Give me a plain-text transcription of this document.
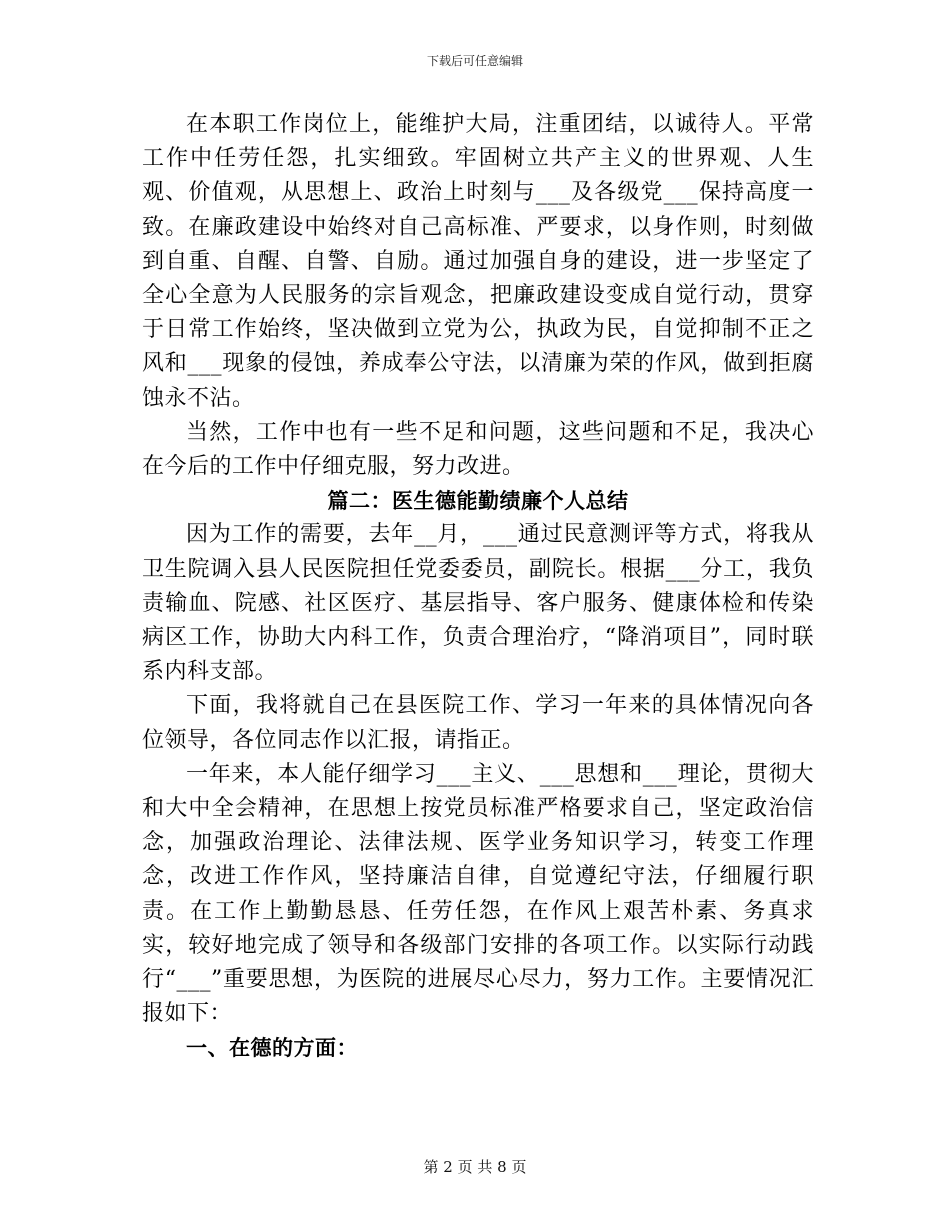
下载后可任意编辑

在本职工作岗位上，能维护大局，注重团结，以诚待人。平常工作中任劳任怨，扎实细致。牢固树立共产主义的世界观、人生观、价值观，从思想上、政治上时刻与___及各级党___保持高度一致。在廉政建设中始终对自己高标准、严要求，以身作则，时刻做到自重、自醒、自警、自励。通过加强自身的建设，进一步坚定了全心全意为人民服务的宗旨观念，把廉政建设变成自觉行动，贯穿于日常工作始终，坚决做到立党为公，执政为民，自觉抑制不正之风和___现象的侵蚀，养成奉公守法，以清廉为荣的作风，做到拒腐蚀永不沾。

当然，工作中也有一些不足和问题，这些问题和不足，我决心在今后的工作中仔细克服，努力改进。

篇二：医生德能勤绩廉个人总结

因为工作的需要，去年__月，___通过民意测评等方式，将我从卫生院调入县人民医院担任党委委员，副院长。根据___分工，我负责输血、院感、社区医疗、基层指导、客户服务、健康体检和传染病区工作，协助大内科工作，负责合理治疗，“降消项目”，同时联系内科支部。

下面，我将就自己在县医院工作、学习一年来的具体情况向各位领导，各位同志作以汇报，请指正。

一年来，本人能仔细学习___主义、___思想和___理论，贯彻大和大中全会精神，在思想上按党员标准严格要求自己，坚定政治信念，加强政治理论、法律法规、医学业务知识学习，转变工作理念，改进工作作风，坚持廉洁自律，自觉遵纪守法，仔细履行职责。在工作上勤勤恳恳、任劳任怨，在作风上艰苦朴素、务真求实，较好地完成了领导和各级部门安排的各项工作。以实际行动践行“___”重要思想，为医院的进展尽心尽力，努力工作。主要情况汇报如下：

一、在德的方面：
第 2 页 共 8 页
